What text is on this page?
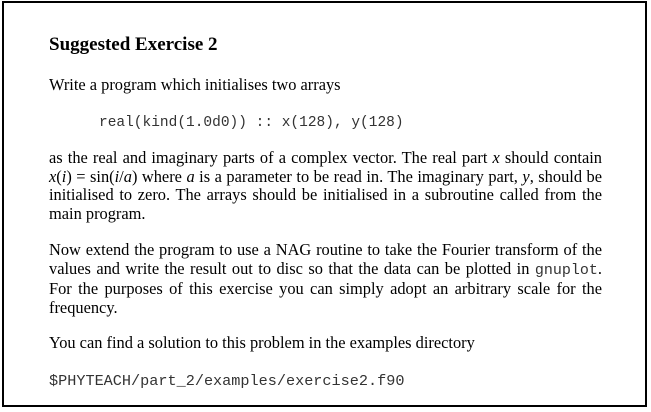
Suggested Exercise 2

Write a program which initialises two arrays

real(kind(1.0d0)) :: x(128), y(128)

as the real and imaginary parts of a complex vector. The real part x should contain x(i) = sin(i/a) where a is a parameter to be read in. The imaginary part, y, should be initialised to zero. The arrays should be initialised in a subroutine called from the main program.

Now extend the program to use a NAG routine to take the Fourier transform of the values and write the result out to disc so that the data can be plotted in gnuplot. For the purposes of this exercise you can simply adopt an arbitrary scale for the frequency.

You can find a solution to this problem in the examples directory

$PHYTEACH/part_2/examples/exercise2.f90
